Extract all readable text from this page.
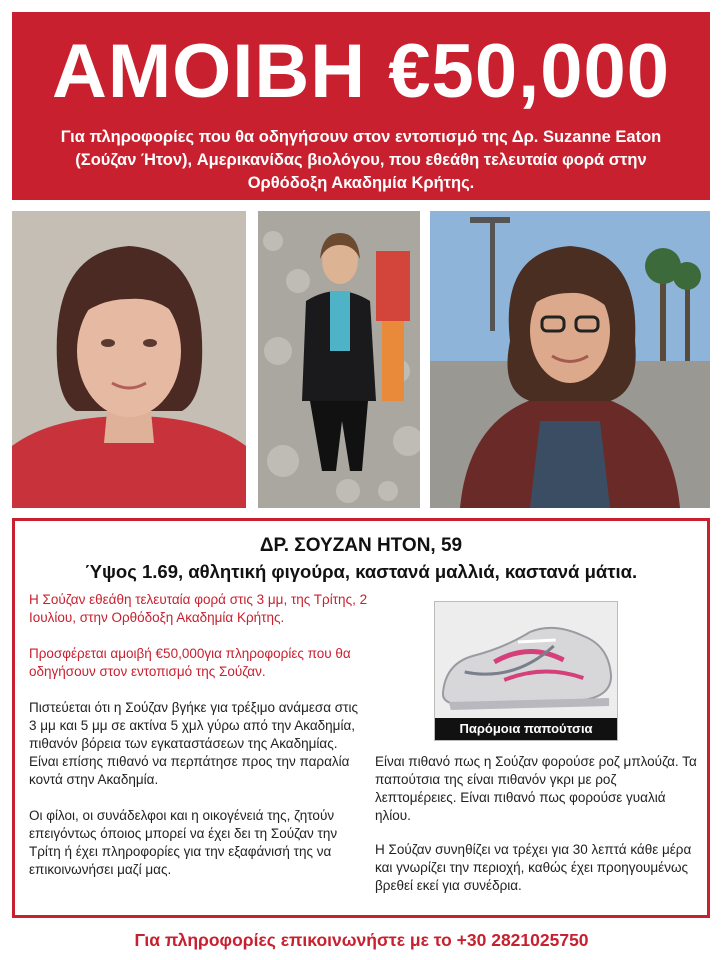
ΑΜΟΙΒΗ €50,000
Για πληροφορίες που θα οδηγήσουν στον εντοπισμό της Δρ. Suzanne Eaton (Σούζαν Ήτον), Αμερικανίδας βιολόγου, που εθεάθη τελευταία φορά στην Ορθόδοξη Ακαδημία Κρήτης.
ΔΡ. ΣΟΥΖΑΝ ΗΤΟΝ, 59
Ύψος 1.69, αθλητική φιγούρα, καστανά μαλλιά, καστανά μάτια.

Η Σούζαν εθεάθη τελευταία φορά στις 3 μμ, της Τρίτης, 2 Ιουλίου, στην Ορθόδοξη Ακαδημία Κρήτης.

Προσφέρεται αμοιβή €50,000για πληροφορίες που θα οδηγήσουν στον εντοπισμό της Σούζαν.

Πιστεύεται ότι η Σούζαν βγήκε για τρέξιμο ανάμεσα στις 3 μμ και 5 μμ σε ακτίνα 5 χμλ γύρω από την Ακαδημία, πιθανόν βόρεια των εγκαταστάσεων της Ακαδημίας. Είναι επίσης πιθανό να περπάτησε προς την παραλία κοντά στην Ακαδημία.

Οι φίλοι, οι συνάδελφοι και η οικογένειά της, ζητούν επειγόντως όποιος μπορεί να έχει δει τη Σούζαν την Τρίτη ή έχει πληροφορίες για την εξαφάνισή της να επικοινωνήσει μαζί μας.

Παρόμοια παπούτσια

Είναι πιθανό πως η Σούζαν φορούσε ροζ μπλούζα. Τα παπούτσια της είναι πιθανόν γκρι με ροζ λεπτομέρειες. Είναι πιθανό πως φορούσε γυαλιά ηλίου.

Η Σούζαν συνηθίζει να τρέχει για 30 λεπτά κάθε μέρα και γνωρίζει την περιοχή, καθώς έχει προηγουμένως βρεθεί εκεί για συνέδρια.

Για πληροφορίες επικοινωνήστε με το +30 2821025750
